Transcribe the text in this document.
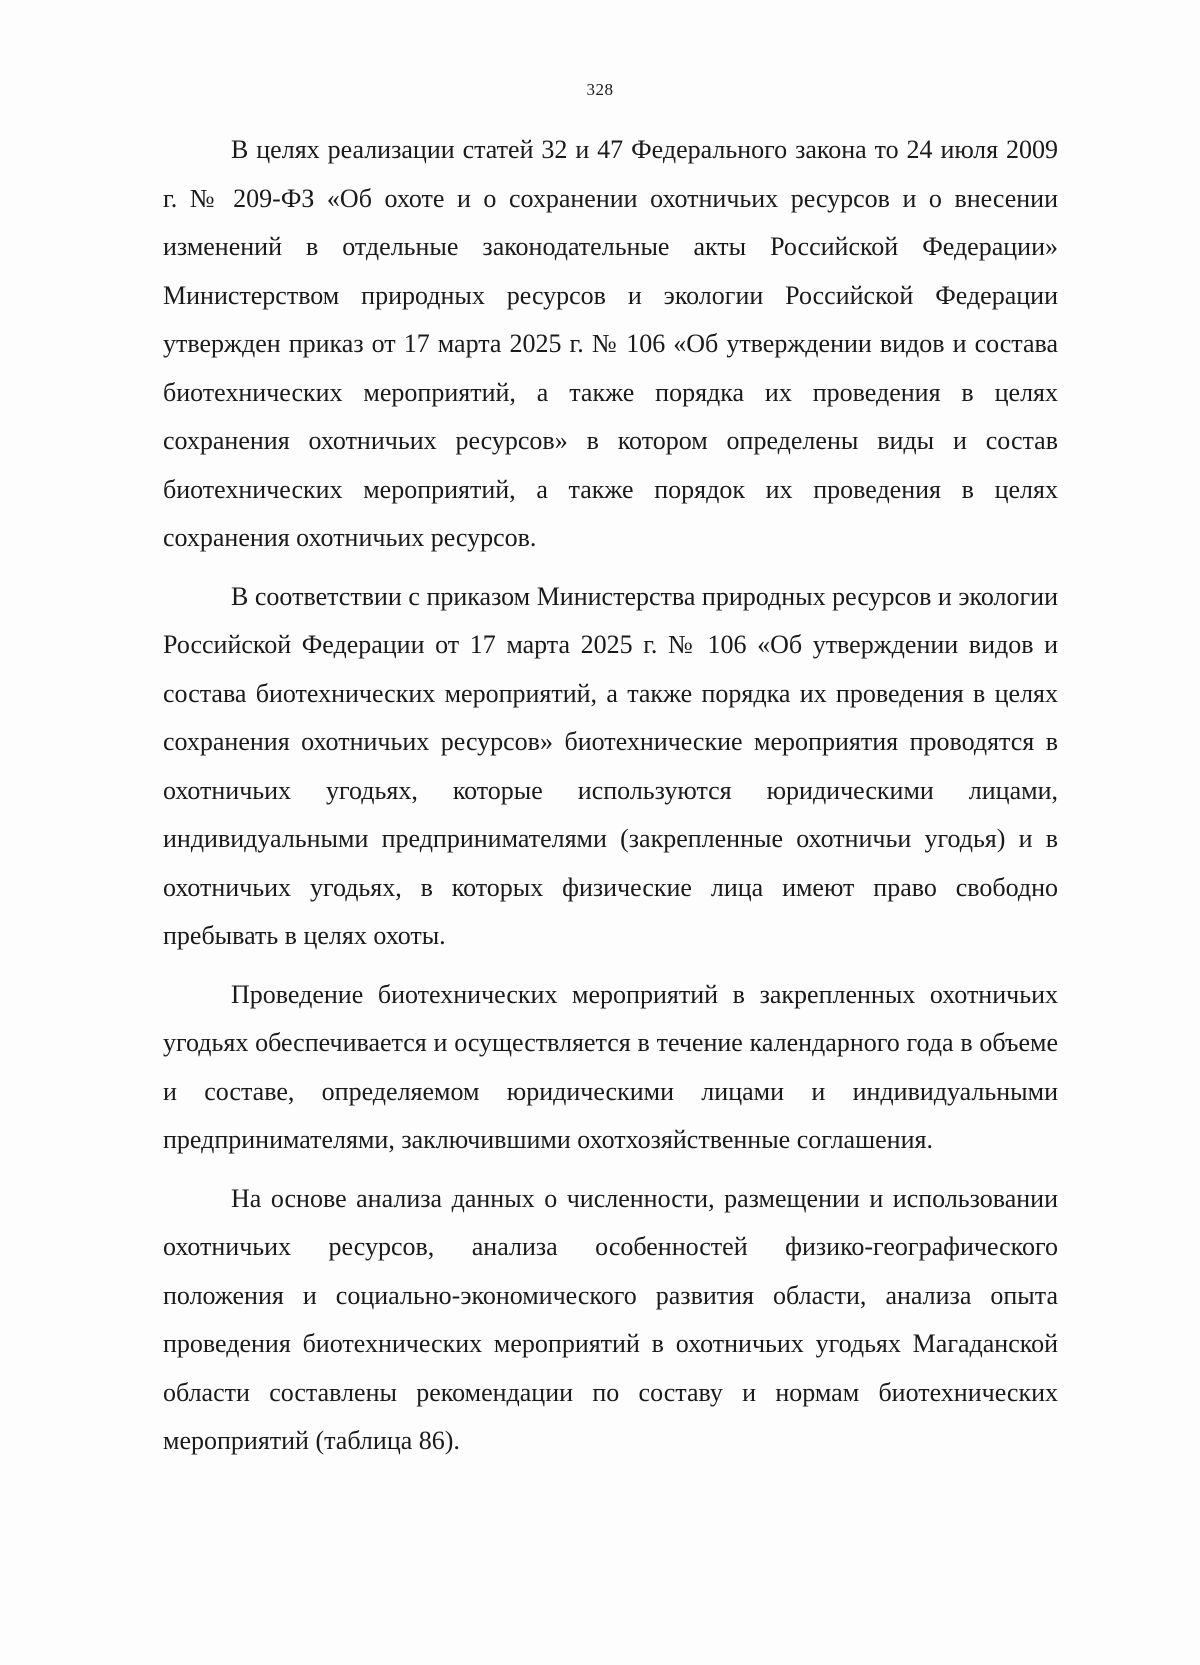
328

В целях реализации статей 32 и 47 Федерального закона то 24 июля 2009 г. № 209-ФЗ «Об охоте и о сохранении охотничьих ресурсов и о внесении изменений в отдельные законодательные акты Российской Федерации» Министерством природных ресурсов и экологии Российской Федерации утвержден приказ от 17 марта 2025 г. № 106 «Об утверждении видов и состава биотехнических мероприятий, а также порядка их проведения в целях сохранения охотничьих ресурсов» в котором определены виды и состав биотехнических мероприятий, а также порядок их проведения в целях сохранения охотничьих ресурсов.

В соответствии с приказом Министерства природных ресурсов и экологии Российской Федерации от 17 марта 2025 г. № 106 «Об утверждении видов и состава биотехнических мероприятий, а также порядка их проведения в целях сохранения охотничьих ресурсов» биотехнические мероприятия проводятся в охотничьих угодьях, которые используются юридическими лицами, индивидуальными предпринимателями (закрепленные охотничьи угодья) и в охотничьих угодьях, в которых физические лица имеют право свободно пребывать в целях охоты.

Проведение биотехнических мероприятий в закрепленных охотничьих угодьях обеспечивается и осуществляется в течение календарного года в объеме и составе, определяемом юридическими лицами и индивидуальными предпринимателями, заключившими охотхозяйственные соглашения.

На основе анализа данных о численности, размещении и использовании охотничьих ресурсов, анализа особенностей физико-географического положения и социально-экономического развития области, анализа опыта проведения биотехнических мероприятий в охотничьих угодьях Магаданской области составлены рекомендации по составу и нормам биотехнических мероприятий (таблица 86).
